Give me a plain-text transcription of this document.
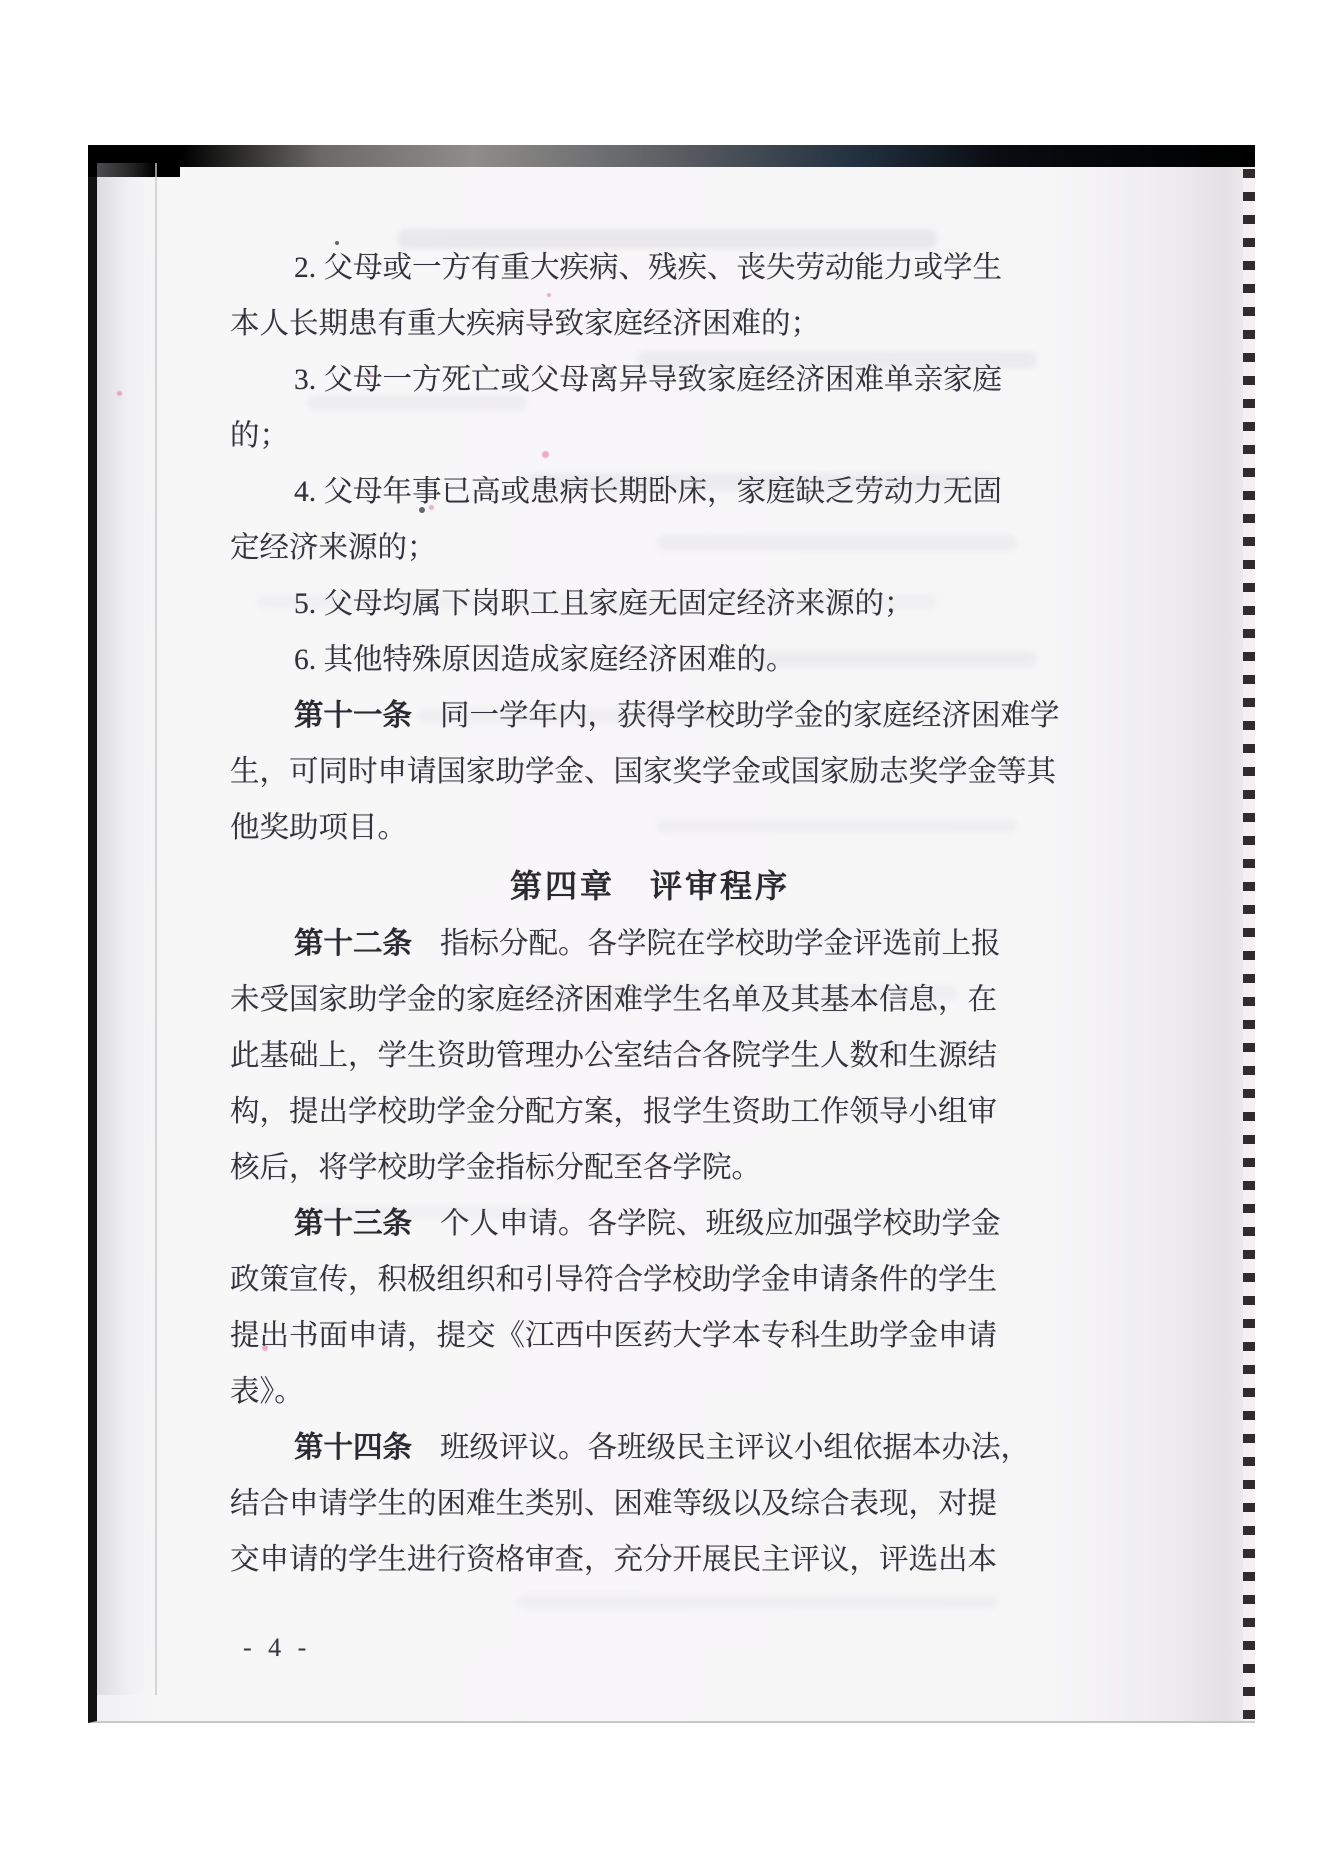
2. 父母或一方有重大疾病、残疾、丧失劳动能力或学生
本人长期患有重大疾病导致家庭经济困难的；
3. 父母一方死亡或父母离异导致家庭经济困难单亲家庭
的；
4. 父母年事已高或患病长期卧床，家庭缺乏劳动力无固
定经济来源的；
5. 父母均属下岗职工且家庭无固定经济来源的；
6. 其他特殊原因造成家庭经济困难的。
第十一条 同一学年内，获得学校助学金的家庭经济困难学
生，可同时申请国家助学金、国家奖学金或国家励志奖学金等其
他奖助项目。
第四章　评审程序
第十二条 指标分配。各学院在学校助学金评选前上报
未受国家助学金的家庭经济困难学生名单及其基本信息，在
此基础上，学生资助管理办公室结合各院学生人数和生源结
构，提出学校助学金分配方案，报学生资助工作领导小组审
核后，将学校助学金指标分配至各学院。
第十三条 个人申请。各学院、班级应加强学校助学金
政策宣传，积极组织和引导符合学校助学金申请条件的学生
提出书面申请，提交《江西中医药大学本专科生助学金申请
表》。
第十四条 班级评议。各班级民主评议小组依据本办法，
结合申请学生的困难生类别、困难等级以及综合表现，对提
交申请的学生进行资格审查，充分开展民主评议，评选出本
- 4 -
